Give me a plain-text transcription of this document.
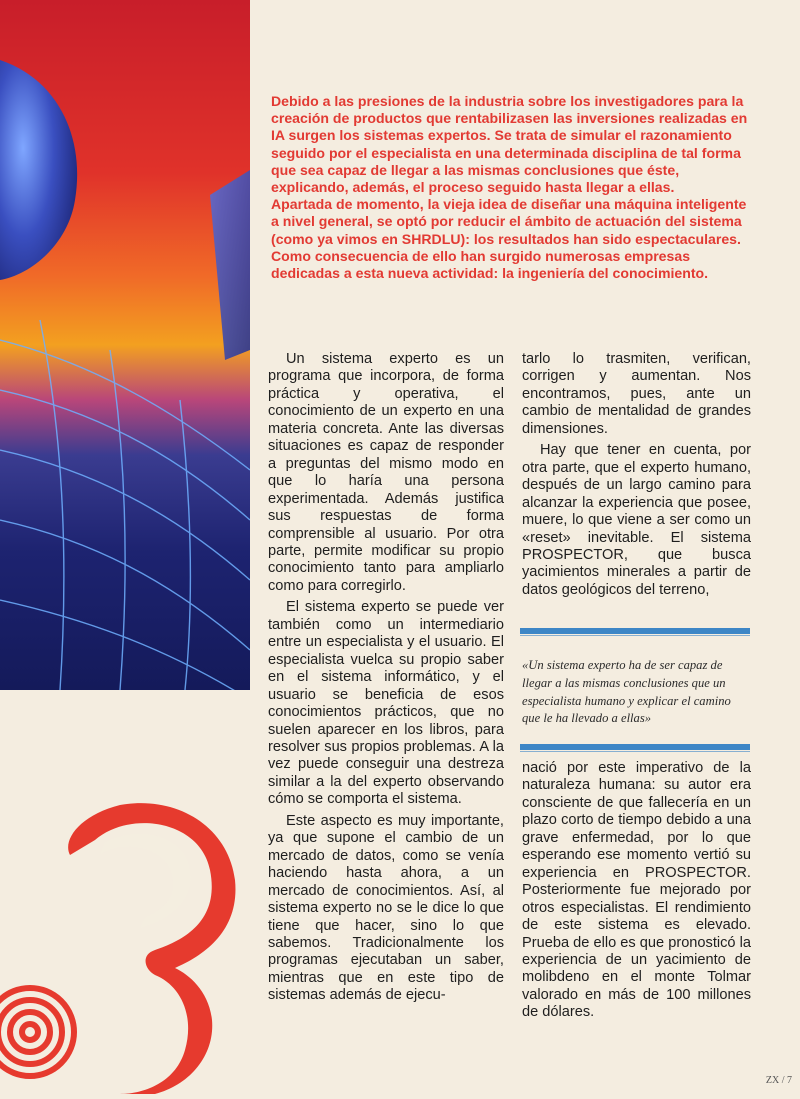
Debido a las presiones de la industria sobre los investigadores para la creación de productos que rentabilizasen las inversiones realizadas en IA surgen los sistemas expertos. Se trata de simular el razonamiento seguido por el especialista en una determinada disciplina de tal forma que sea capaz de llegar a las mismas conclusiones que éste, explicando, además, el proceso seguido hasta llegar a ellas.

Apartada de momento, la vieja idea de diseñar una máquina inteligente a nivel general, se optó por reducir el ámbito de actuación del sistema (como ya vimos en SHRDLU): los resultados han sido espectaculares. Como consecuencia de ello han surgido numerosas empresas dedicadas a esta nueva actividad: la ingeniería del conocimiento.

Un sistema experto es un programa que incorpora, de forma práctica y operativa, el conocimiento de un experto en una materia concreta. Ante las diversas situaciones es capaz de responder a preguntas del mismo modo en que lo haría una persona experimentada. Además justifica sus respuestas de forma comprensible al usuario. Por otra parte, permite modificar su propio conocimiento tanto para ampliarlo como para corregirlo.

El sistema experto se puede ver también como un intermediario entre un especialista y el usuario. El especialista vuelca su propio saber en el sistema informático, y el usuario se beneficia de esos conocimientos prácticos, que no suelen aparecer en los libros, para resolver sus propios problemas. A la vez puede conseguir una destreza similar a la del experto observando cómo se comporta el sistema.

Este aspecto es muy importante, ya que supone el cambio de un mercado de datos, como se venía haciendo hasta ahora, a un mercado de conocimientos. Así, al sistema experto no se le dice lo que tiene que hacer, sino lo que sabemos. Tradicionalmente los programas ejecutaban un saber, mientras que en este tipo de sistemas además de ejecu-

tarlo lo trasmiten, verifican, corrigen y aumentan. Nos encontramos, pues, ante un cambio de mentalidad de grandes dimensiones.

Hay que tener en cuenta, por otra parte, que el experto humano, después de un largo camino para alcanzar la experiencia que posee, muere, lo que viene a ser como un «reset» inevitable. El sistema PROSPECTOR, que busca yacimientos minerales a partir de datos geológicos del terreno,

«Un sistema experto ha de ser capaz de llegar a las mismas conclusiones que un especialista humano y explicar el camino que le ha llevado a ellas»

nació por este imperativo de la naturaleza humana: su autor era consciente de que fallecería en un plazo corto de tiempo debido a una grave enfermedad, por lo que esperando ese momento vertió su experiencia en PROSPECTOR. Posteriormente fue mejorado por otros especialistas. El rendimiento de este sistema es elevado. Prueba de ello es que pronosticó la experiencia de un yacimiento de molibdeno en el monte Tolmar valorado en más de 100 millones de dólares.

ZX / 7
